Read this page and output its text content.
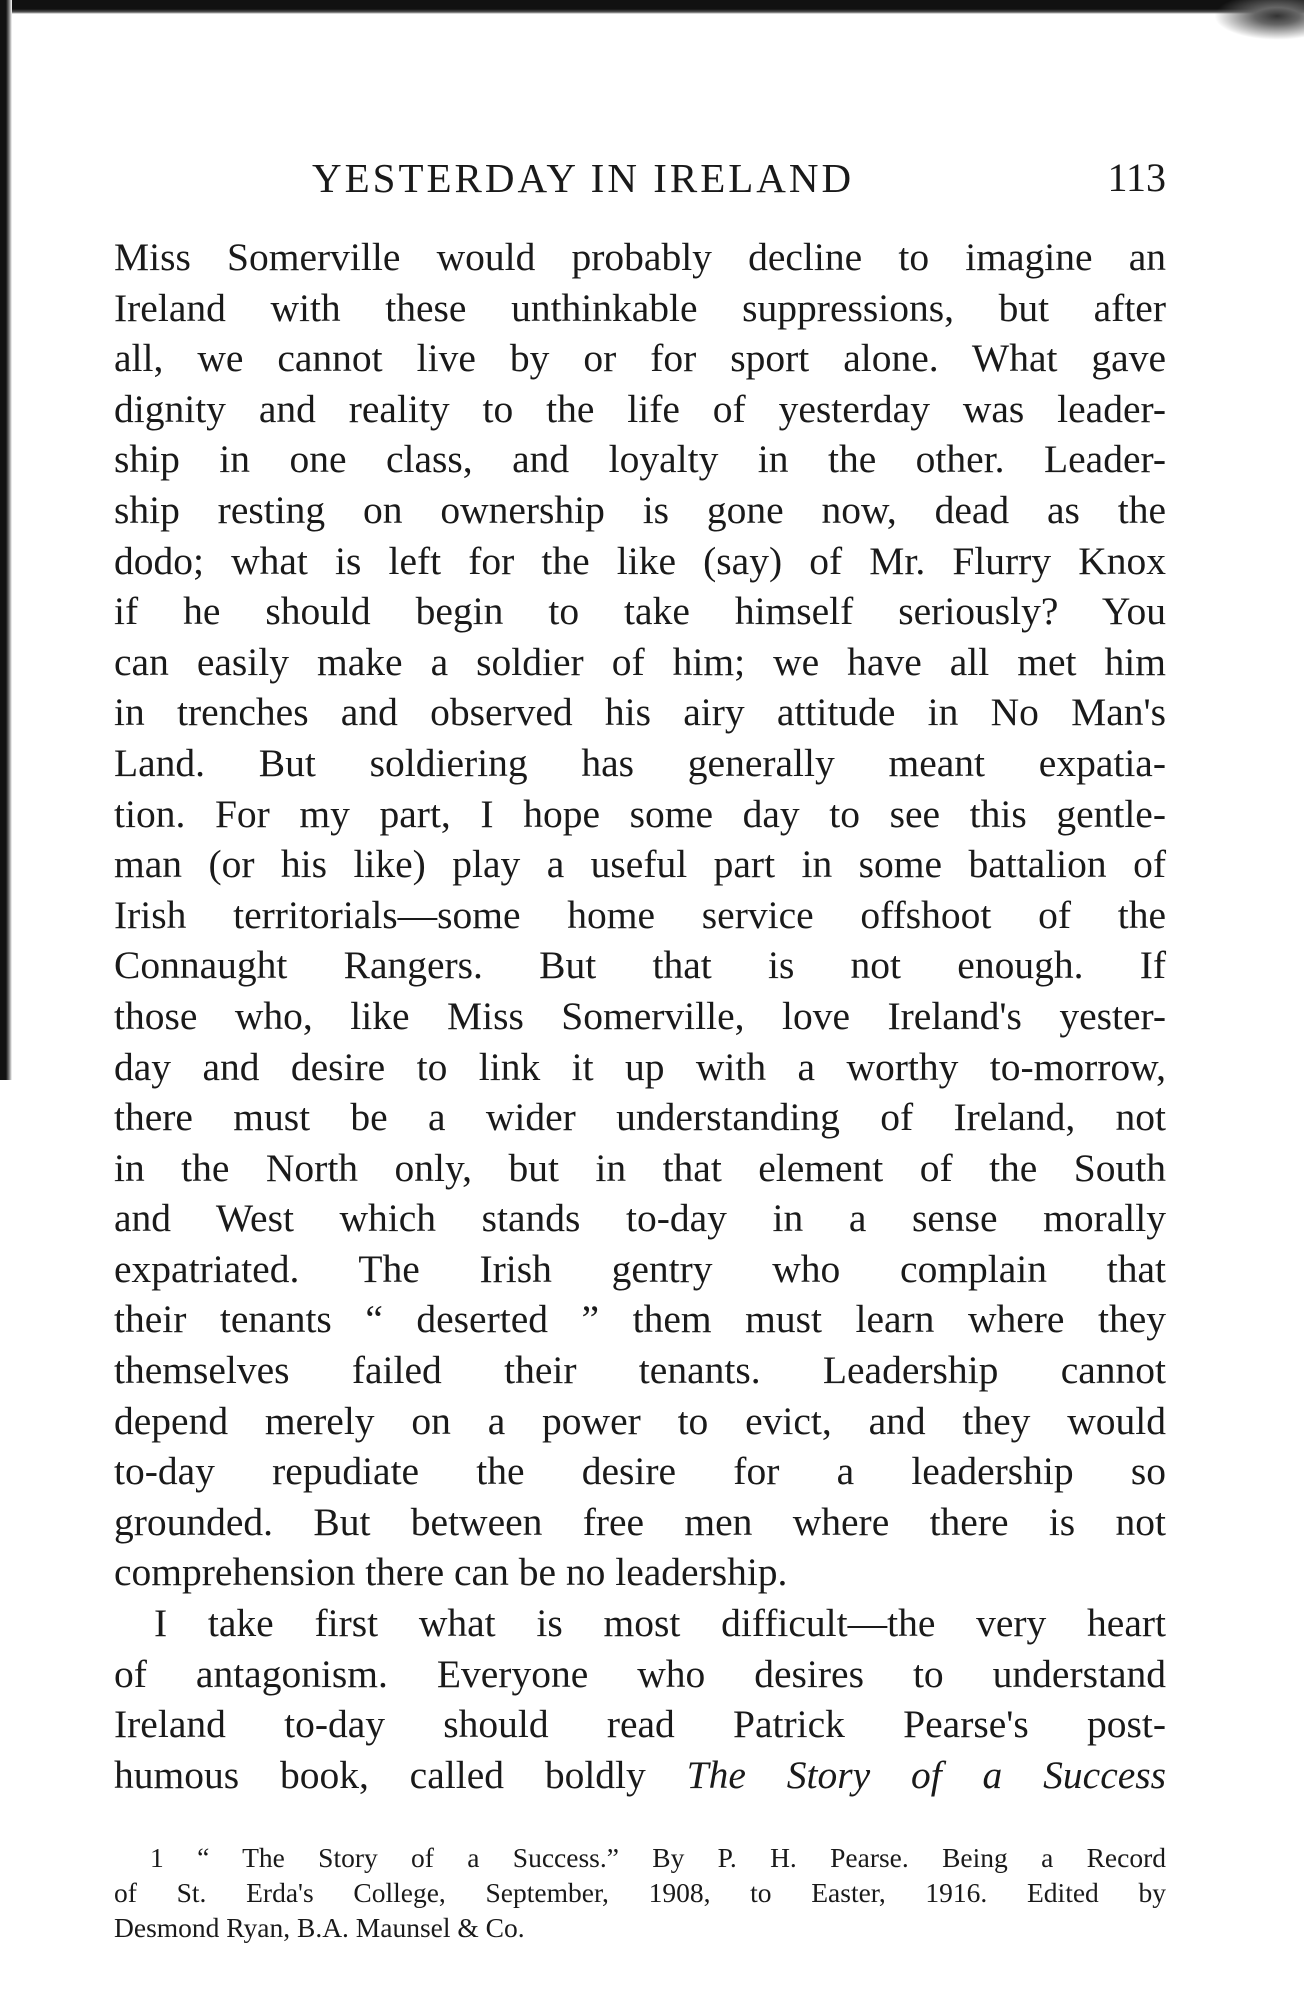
YESTERDAY IN IRELAND	113
Miss Somerville would probably decline to imagine an
Ireland with these unthinkable suppressions, but after
all, we cannot live by or for sport alone. What gave
dignity and reality to the life of yesterday was leader-
ship in one class, and loyalty in the other. Leader-
ship resting on ownership is gone now, dead as the
dodo; what is left for the like (say) of Mr. Flurry Knox
if he should begin to take himself seriously? You
can easily make a soldier of him; we have all met him
in trenches and observed his airy attitude in No Man's
Land. But soldiering has generally meant expatia-
tion. For my part, I hope some day to see this gentle-
man (or his like) play a useful part in some battalion of
Irish territorials—some home service offshoot of the
Connaught Rangers. But that is not enough. If
those who, like Miss Somerville, love Ireland's yester-
day and desire to link it up with a worthy to-morrow,
there must be a wider understanding of Ireland, not
in the North only, but in that element of the South
and West which stands to-day in a sense morally
expatriated. The Irish gentry who complain that
their tenants “ deserted ” them must learn where they
themselves failed their tenants. Leadership cannot
depend merely on a power to evict, and they would
to-day repudiate the desire for a leadership so
grounded. But between free men where there is not
comprehension there can be no leadership.
I take first what is most difficult—the very heart
of antagonism. Everyone who desires to understand
Ireland to-day should read Patrick Pearse's post-
humous book, called boldly The Story of a Success
1 “ The Story of a Success.” By P. H. Pearse. Being a Record
of St. Erda's College, September, 1908, to Easter, 1916. Edited by
Desmond Ryan, B.A. Maunsel & Co.
